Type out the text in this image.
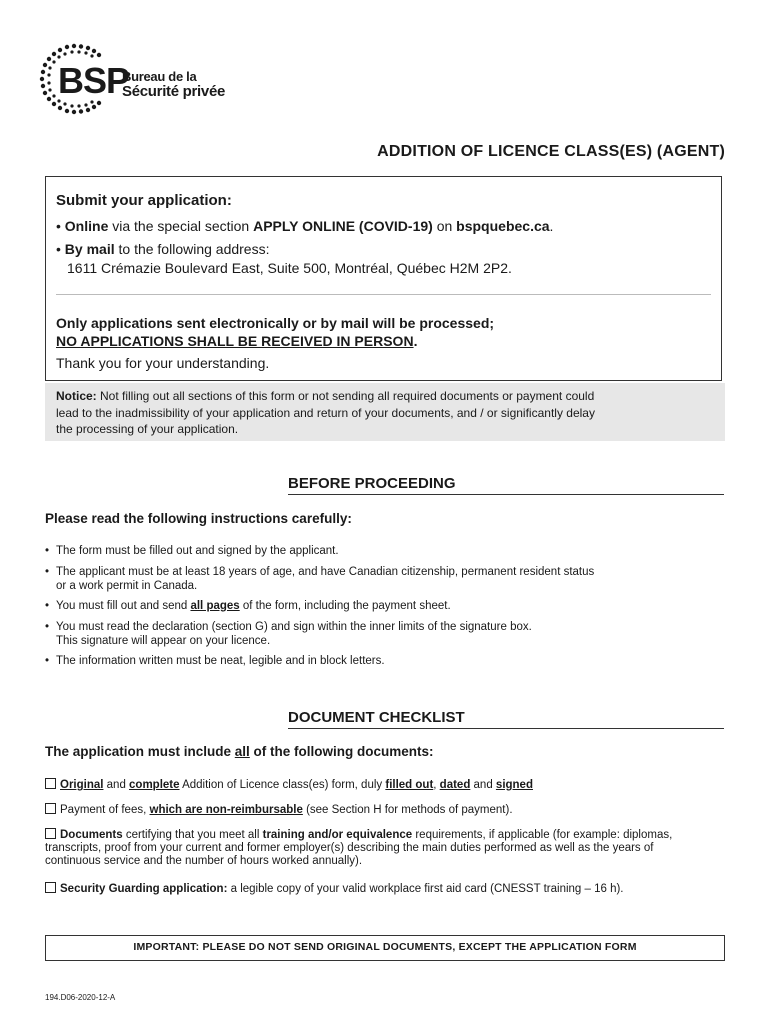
BSP
Bureau de la
Sécurité privée
ADDITION OF LICENCE CLASS(ES) (AGENT)
Submit your application:
• Online via the special section APPLY ONLINE (COVID-19) on bspquebec.ca.
• By mail to the following address:
1611 Crémazie Boulevard East, Suite 500, Montréal, Québec H2M 2P2.
Only applications sent electronically or by mail will be processed;
NO APPLICATIONS SHALL BE RECEIVED IN PERSON.
Thank you for your understanding.
Notice: Not filling out all sections of this form or not sending all required documents or payment could
lead to the inadmissibility of your application and return of your documents, and / or significantly delay
the processing of your application.
BEFORE PROCEEDING
Please read the following instructions carefully:
• The form must be filled out and signed by the applicant.
• The applicant must be at least 18 years of age, and have Canadian citizenship, permanent resident status
or a work permit in Canada.
• You must fill out and send all pages of the form, including the payment sheet.
• You must read the declaration (section G) and sign within the inner limits of the signature box.
This signature will appear on your licence.
• The information written must be neat, legible and in block letters.
DOCUMENT CHECKLIST
The application must include all of the following documents:
Original and complete Addition of Licence class(es) form, duly filled out, dated and signed
Payment of fees, which are non-reimbursable (see Section H for methods of payment).
Documents certifying that you meet all training and/or equivalence requirements, if applicable (for example: diplomas,
transcripts, proof from your current and former employer(s) describing the main duties performed as well as the years of
continuous service and the number of hours worked annually).
Security Guarding application: a legible copy of your valid workplace first aid card (CNESST training – 16 h).
IMPORTANT: PLEASE DO NOT SEND ORIGINAL DOCUMENTS, EXCEPT THE APPLICATION FORM
194.D06-2020-12-A
